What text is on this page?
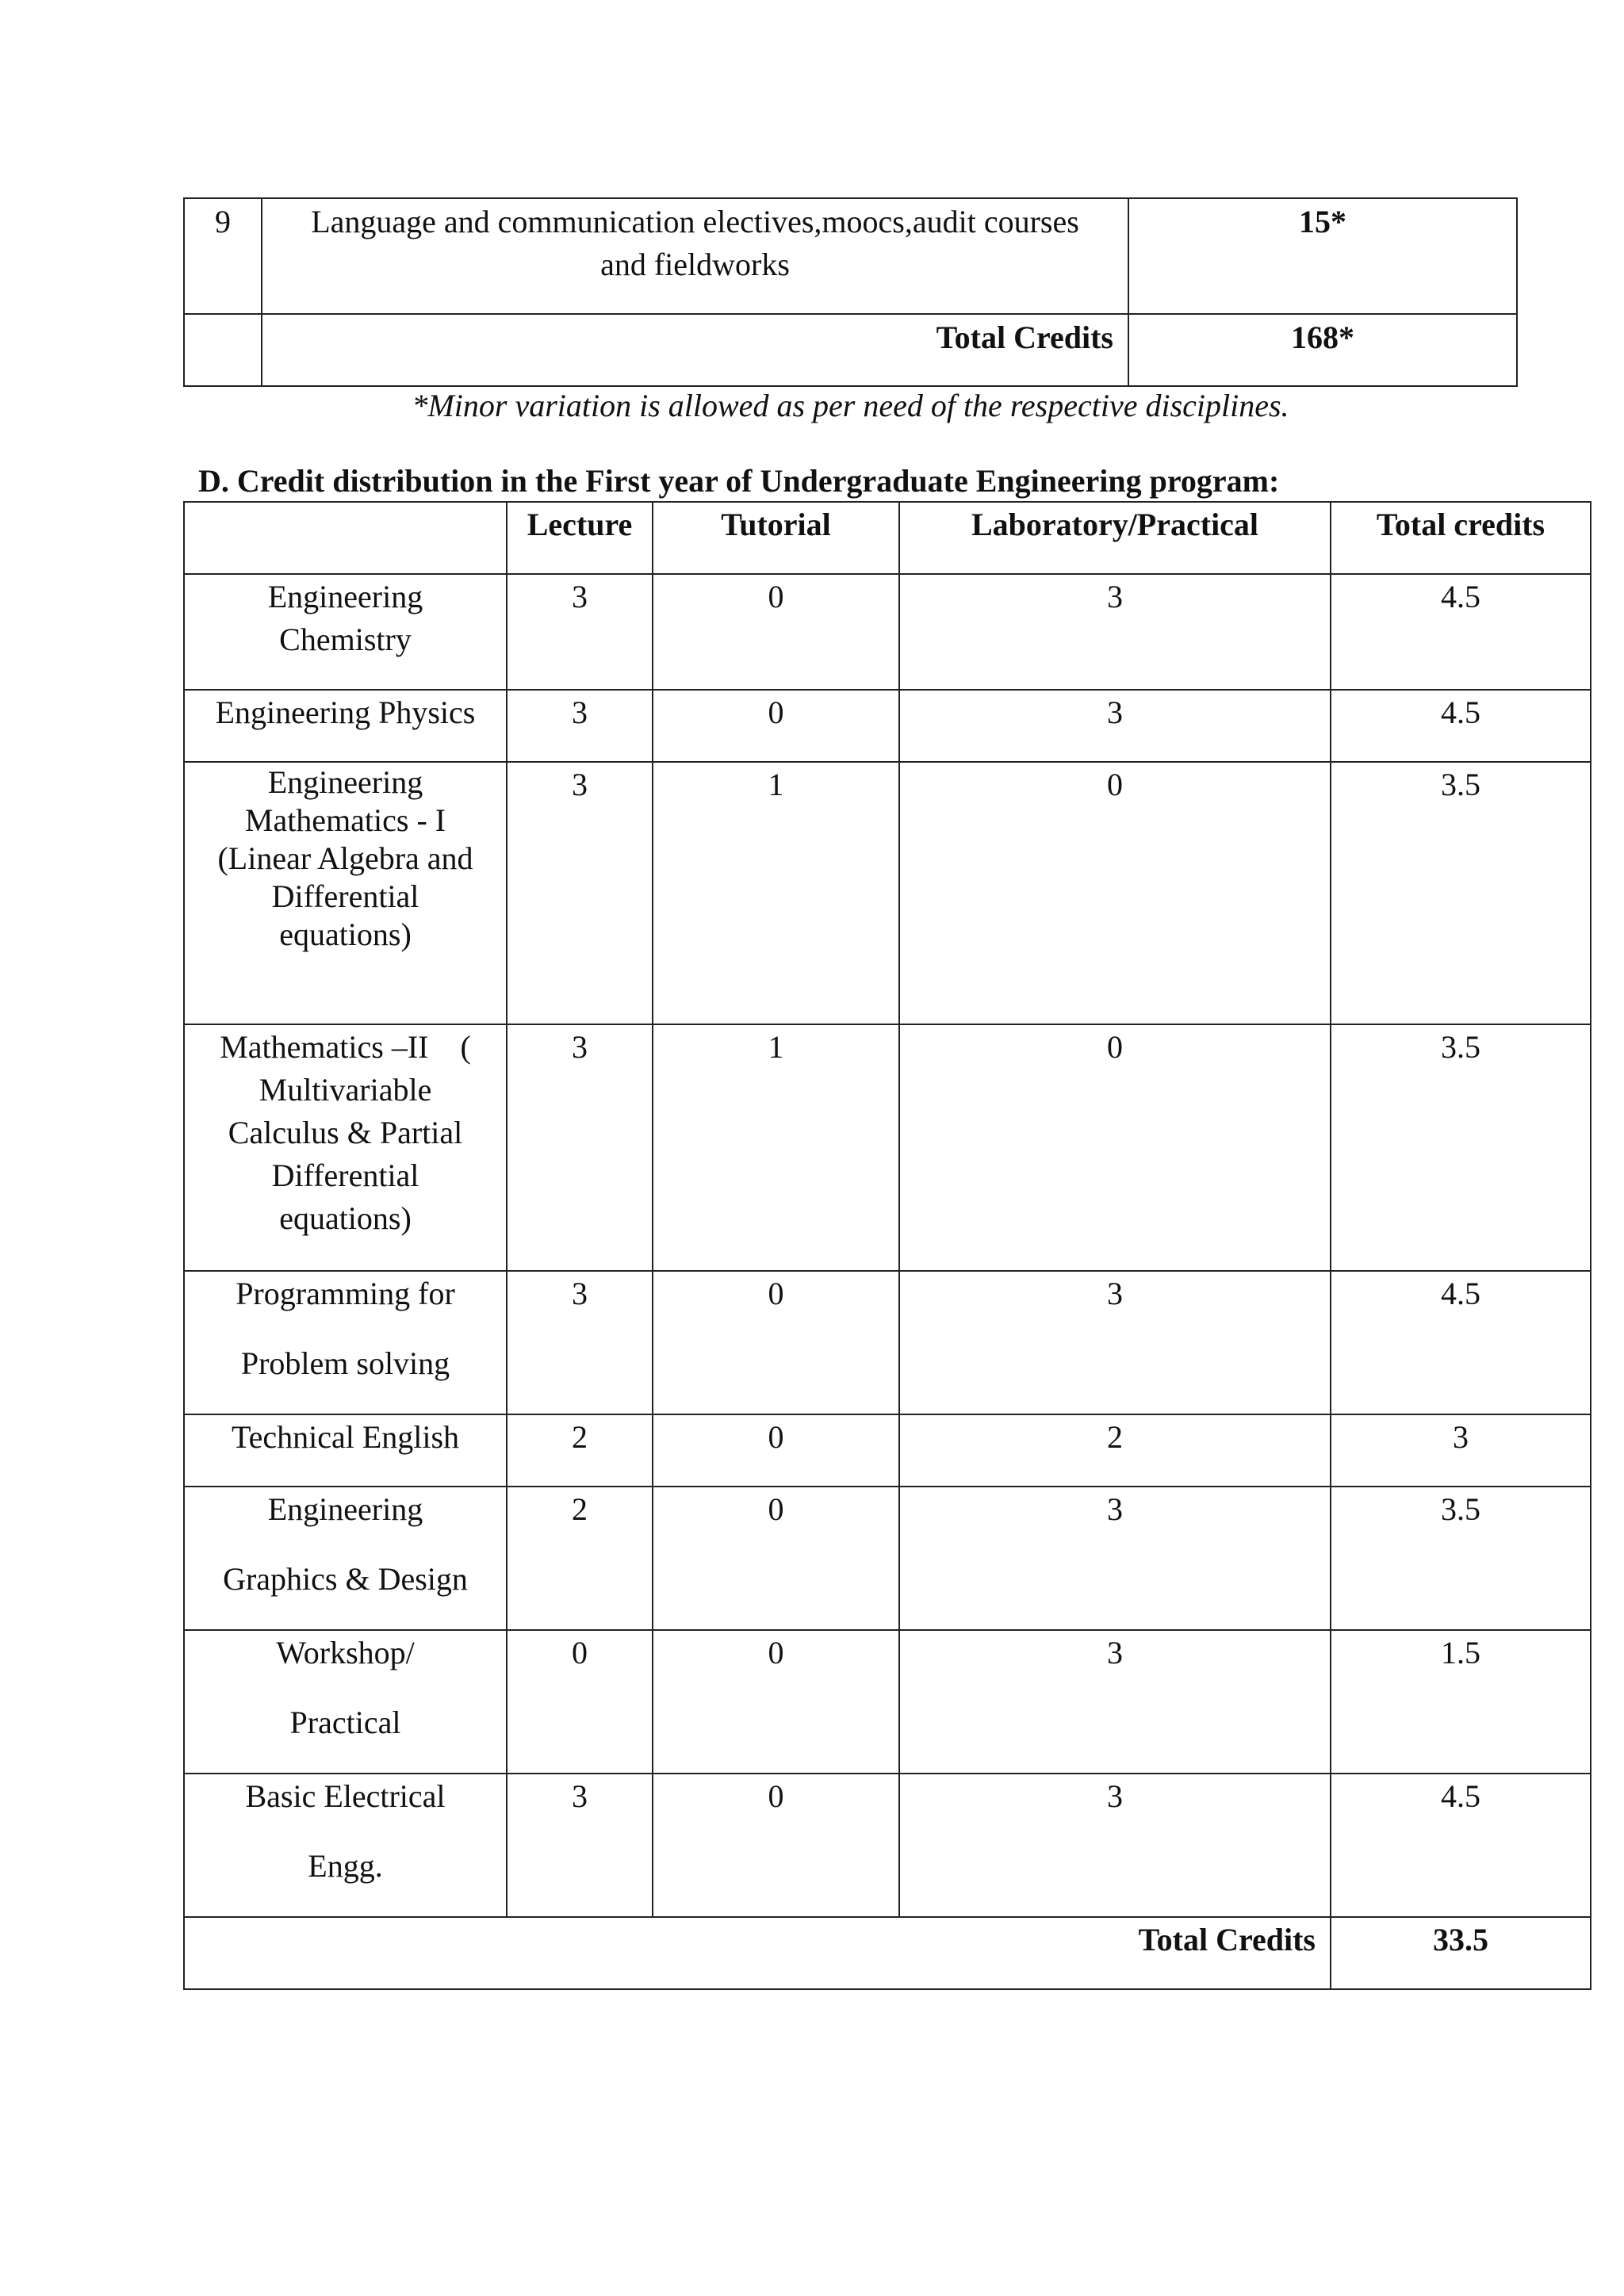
9	Language and communication electives,moocs,audit courses
and fieldworks	15*
	Total Credits	168*
*Minor variation is allowed as per need of the respective disciplines.
D. Credit distribution in the First year of Undergraduate Engineering program:
	Lecture	Tutorial	Laboratory/Practical	Total credits

Engineering
Chemistry	3	0	3	4.5

Engineering Physics	3	0	3	4.5

Engineering
Mathematics - I
(Linear Algebra and
Differential
equations)	3	1	0	3.5

Mathematics –II    (
Multivariable
Calculus & Partial
Differential
equations)	3	1	0	3.5

Programming for
Problem solving	3	0	3	4.5

Technical English	2	0	2	3

Engineering
Graphics & Design	2	0	3	3.5

Workshop/
Practical	0	0	3	1.5

Basic Electrical
Engg.	3	0	3	4.5
Total Credits				33.5
